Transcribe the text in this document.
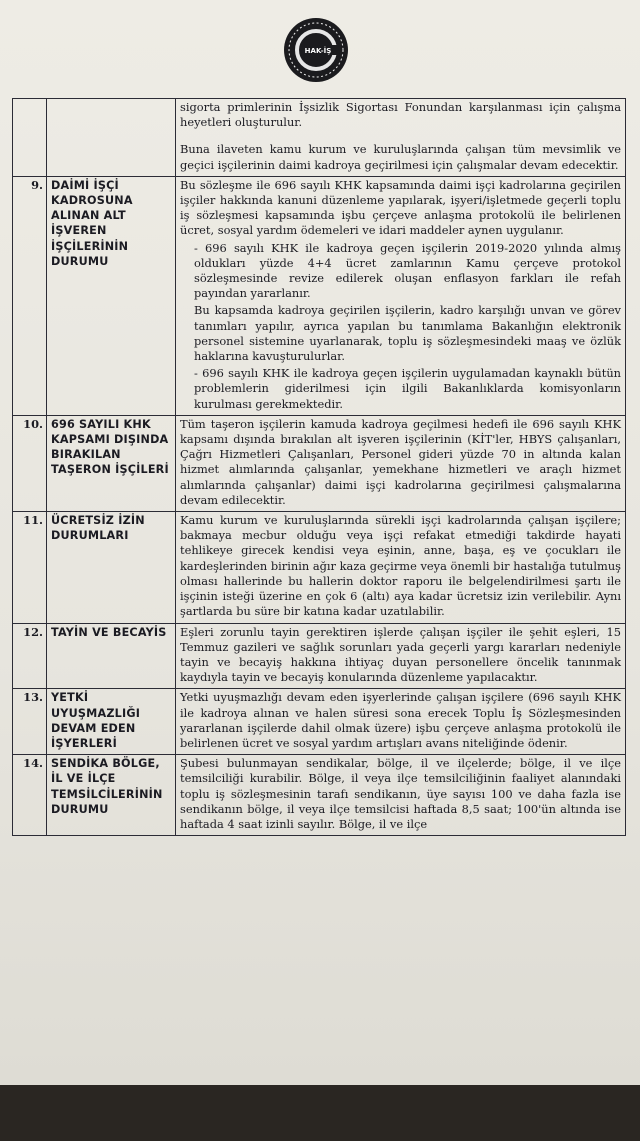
HAK-İŞ

		sigorta primlerinin İşsizlik Sigortası Fonundan karşılanması için çalışma heyetleri oluşturulur.

Buna ilaveten kamu kurum ve kuruluşlarında çalışan tüm mevsimlik ve geçici işçilerinin daimi kadroya geçirilmesi için çalışmalar devam edecektir.

9.	DAİMİ İŞÇİ KADROSUNA ALINAN ALT İŞVEREN İŞÇİLERİNİN DURUMU	Bu sözleşme ile 696 sayılı KHK kapsamında daimi işçi kadrolarına geçirilen işçiler hakkında kanuni düzenleme yapılarak, işyeri/işletmede geçerli toplu iş sözleşmesi kapsamında işbu çerçeve anlaşma protokolü ile belirlenen ücret, sosyal yardım ödemeleri ve idari maddeler aynen uygulanır.

- 696 sayılı KHK ile kadroya geçen işçilerin 2019-2020 yılında almış oldukları yüzde 4+4 ücret zamlarının Kamu çerçeve protokol sözleşmesinde revize edilerek oluşan enflasyon farkları ile refah payından yararlanır.

Bu kapsamda kadroya geçirilen işçilerin, kadro karşılığı unvan ve görev tanımları yapılır, ayrıca yapılan bu tanımlama Bakanlığın elektronik personel sistemine uyarlanarak, toplu iş sözleşmesindeki maaş ve özlük haklarına kavuşturulurlar.

- 696 sayılı KHK ile kadroya geçen işçilerin uygulamadan kaynaklı bütün problemlerin giderilmesi için ilgili Bakanlıklarda komisyonların kurulması gerekmektedir.

10.	696 SAYILI KHK KAPSAMI DIŞINDA BIRAKILAN TAŞERON İŞÇİLERİ	Tüm taşeron işçilerin kamuda kadroya geçilmesi hedefi ile 696 sayılı KHK kapsamı dışında bırakılan alt işveren işçilerinin (KİT'ler, HBYS çalışanları, Çağrı Hizmetleri Çalışanları, Personel gideri yüzde 70 in altında kalan hizmet alımlarında çalışanlar, yemekhane hizmetleri ve araçlı hizmet alımlarında çalışanlar) daimi işçi kadrolarına geçirilmesi çalışmalarına devam edilecektir.

11.	ÜCRETSİZ İZİN DURUMLARI	Kamu kurum ve kuruluşlarında sürekli işçi kadrolarında çalışan işçilere; bakmaya mecbur olduğu veya işçi refakat etmediği takdirde hayati tehlikeye girecek kendisi veya eşinin, anne, başa, eş ve çocukları ile kardeşlerinden birinin ağır kaza geçirme veya önemli bir hastalığa tutulmuş olması hallerinde bu hallerin doktor raporu ile belgelendirilmesi şartı ile işçinin isteği üzerine en çok 6 (altı) aya kadar ücretsiz izin verilebilir. Aynı şartlarda bu süre bir katına kadar uzatılabilir.

12.	TAYİN VE BECAYİS	Eşleri zorunlu tayin gerektiren işlerde çalışan işçiler ile şehit eşleri, 15 Temmuz gazileri ve sağlık sorunları yada geçerli yargı kararları nedeniyle tayin ve becayiş hakkına ihtiyaç duyan personellere öncelik tanınmak kaydıyla tayin ve becayiş konularında düzenleme yapılacaktır.

13.	YETKİ UYUŞMAZLIĞI DEVAM EDEN İŞYERLERİ	Yetki uyuşmazlığı devam eden işyerlerinde çalışan işçilere (696 sayılı KHK ile kadroya alınan ve halen süresi sona erecek Toplu İş Sözleşmesinden yararlanan işçilerde dahil olmak üzere) işbu çerçeve anlaşma protokolü ile belirlenen ücret ve sosyal yardım artışları avans niteliğinde ödenir.

14.	SENDİKA BÖLGE, İL VE İLÇE TEMSİLCİLERİNİN DURUMU	Şubesi bulunmayan sendikalar, bölge, il ve ilçelerde; bölge, il ve ilçe temsilciliği kurabilir. Bölge, il veya ilçe temsilciliğinin faaliyet alanındaki toplu iş sözleşmesinin tarafı sendikanın, üye sayısı 100 ve daha fazla ise sendikanın bölge, il veya ilçe temsilcisi haftada 8,5 saat; 100'ün altında ise haftada 4 saat izinli sayılır. Bölge, il ve ilçe
